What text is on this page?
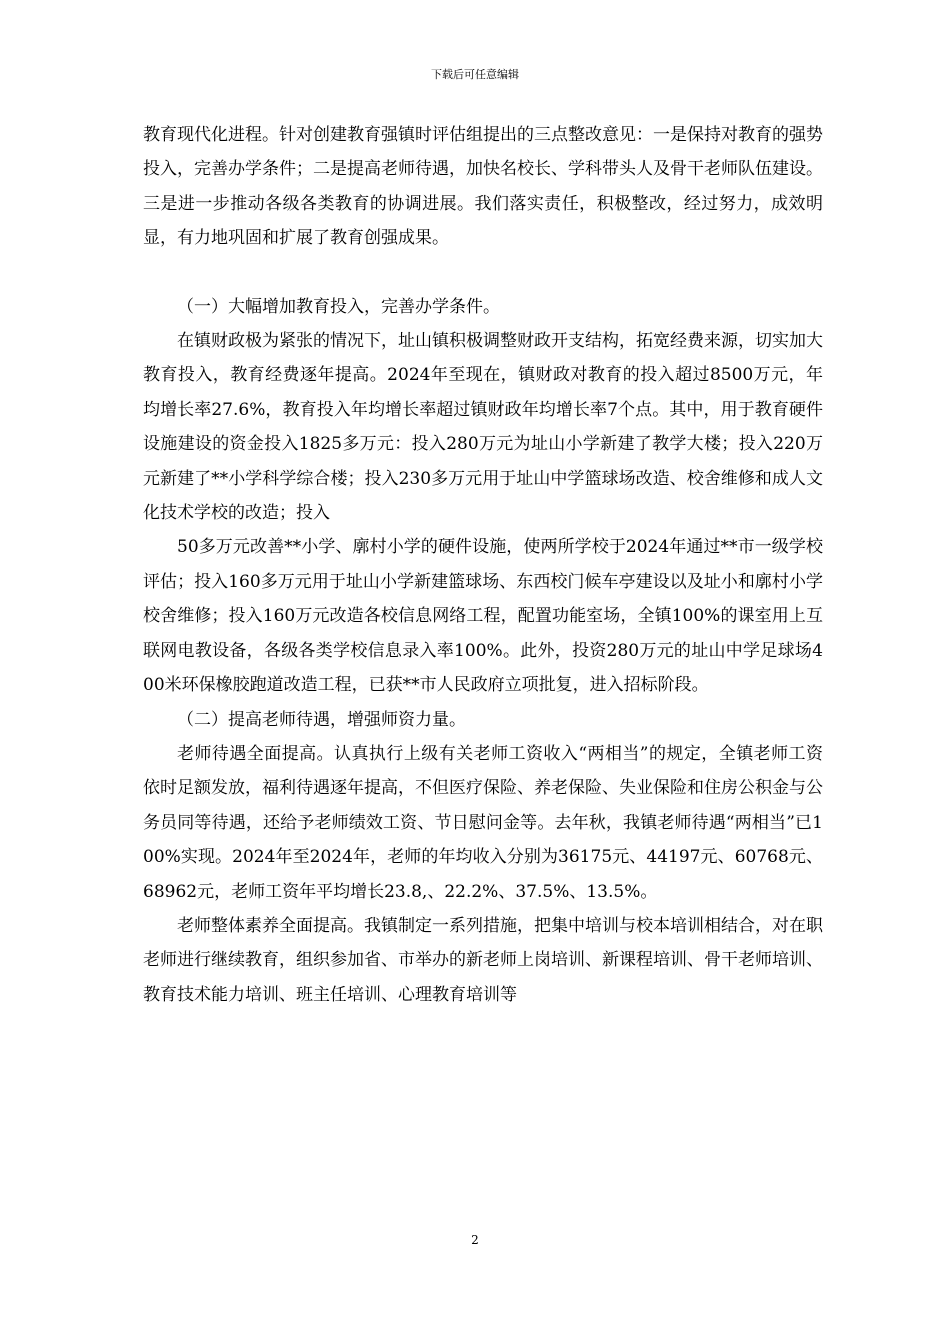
下载后可任意编辑

教育现代化进程。针对创建教育强镇时评估组提出的三点整改意见：一是保持对教育的强势投入，完善办学条件；二是提高老师待遇，加快名校长、学科带头人及骨干老师队伍建设。三是进一步推动各级各类教育的协调进展。我们落实责任，积极整改，经过努力，成效明显，有力地巩固和扩展了教育创强成果。

（一）大幅增加教育投入，完善办学条件。

在镇财政极为紧张的情况下，址山镇积极调整财政开支结构，拓宽经费来源，切实加大教育投入，教育经费逐年提高。2024年至现在，镇财政对教育的投入超过8500万元，年均增长率27.6%，教育投入年均增长率超过镇财政年均增长率7个点。其中，用于教育硬件设施建设的资金投入1825多万元：投入280万元为址山小学新建了教学大楼；投入220万元新建了**小学科学综合楼；投入230多万元用于址山中学篮球场改造、校舍维修和成人文化技术学校的改造；投入

50多万元改善**小学、廓村小学的硬件设施，使两所学校于2024年通过**市一级学校评估；投入160多万元用于址山小学新建篮球场、东西校门候车亭建设以及址小和廓村小学校舍维修；投入160万元改造各校信息网络工程，配置功能室场，全镇100%的课室用上互联网电教设备，各级各类学校信息录入率100%。此外，投资280万元的址山中学足球场400米环保橡胶跑道改造工程，已获**市人民政府立项批复，进入招标阶段。

（二）提高老师待遇，增强师资力量。

老师待遇全面提高。认真执行上级有关老师工资收入“两相当”的规定，全镇老师工资依时足额发放，福利待遇逐年提高，不但医疗保险、养老保险、失业保险和住房公积金与公务员同等待遇，还给予老师绩效工资、节日慰问金等。去年秋，我镇老师待遇“两相当”已100%实现。2024年至2024年，老师的年均收入分别为36175元、44197元、60768元、68962元，老师工资年平均增长23.8,、22.2%、37.5%、13.5%。

老师整体素养全面提高。我镇制定一系列措施，把集中培训与校本培训相结合，对在职老师进行继续教育，组织参加省、市举办的新老师上岗培训、新课程培训、骨干老师培训、教育技术能力培训、班主任培训、心理教育培训等

2
